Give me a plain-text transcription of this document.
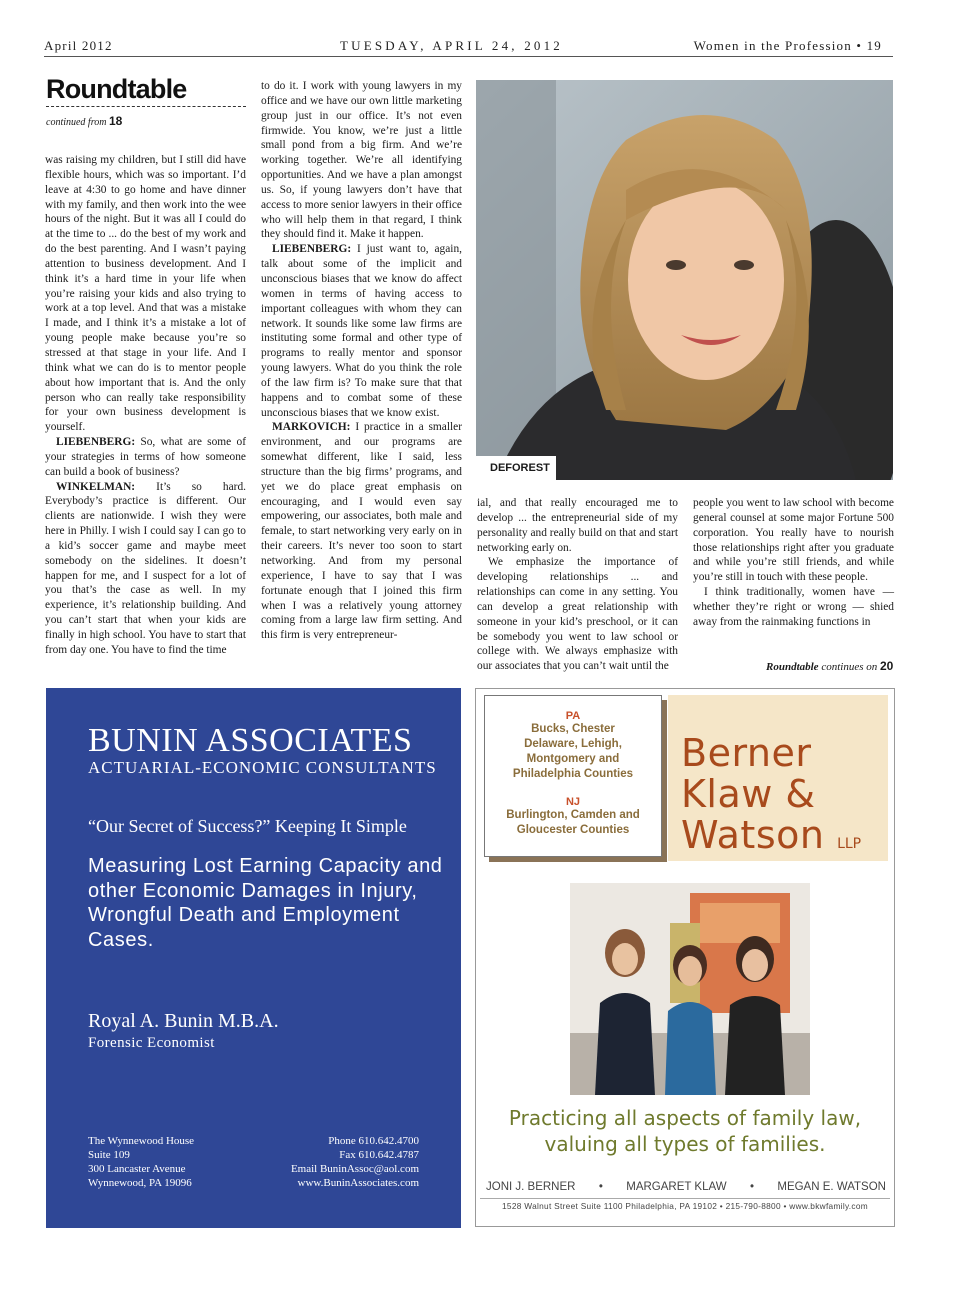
April 2012	TUESDAY, APRIL 24, 2012	Women in the Profession • 19
Roundtable
continued from 18

was raising my children, but I still did have flexible hours, which was so important. I’d leave at 4:30 to go home and have dinner with my family, and then work into the wee hours of the night. But it was all I could do at the time to ... do the best of my work and do the best parenting. And I wasn’t paying attention to business development. And I think it’s a hard time in your life when you’re raising your kids and also trying to work at a top level. And that was a mistake I made, and I think it’s a mistake a lot of young people make because you’re so stressed at that stage in your life. And I think what we can do is to mentor people about how important that is. And the only person who can really take responsibility for your own business development is yourself.

LIEBENBERG: So, what are some of your strategies in terms of how someone can build a book of business?

WINKELMAN: It’s so hard. Everybody’s practice is different. Our clients are nationwide. I wish they were here in Philly. I wish I could say I can go to a kid’s soccer game and maybe meet somebody on the sidelines. It doesn’t happen for me, and I suspect for a lot of you that’s the case as well. In my experience, it’s relationship building. And you can’t start that when your kids are finally in high school. You have to start that from day one. You have to find the time

to do it. I work with young lawyers in my office and we have our own little marketing group just in our office. It’s not even firmwide. You know, we’re just a little small pond from a big firm. And we’re working together. We’re all identifying opportunities. And we have a plan amongst us. So, if young lawyers don’t have that access to more senior lawyers in their office who will help them in that regard, I think they should find it. Make it happen.

LIEBENBERG: I just want to, again, talk about some of the implicit and unconscious biases that we know do affect women in terms of having access to important colleagues with whom they can network. It sounds like some law firms are instituting some formal and other type of programs to really mentor and sponsor young lawyers. What do you think the role of the law firm is? To make sure that that happens and to combat some of these unconscious biases that we know exist.

MARKOVICH: I practice in a smaller environment, and our programs are somewhat different, like I said, less structure than the big firms’ programs, and yet we do place great emphasis on encouraging, and I would even say empowering, our associates, both male and female, to start networking very early on in their careers. It’s never too soon to start networking. And from my personal experience, I have to say that I was fortunate enough that I joined this firm when I was a relatively young attorney coming from a large law firm setting. And this firm is very entrepreneur-

DEFOREST

ial, and that really encouraged me to develop ... the entrepreneurial side of my personality and really build on that and start networking early on.

We emphasize the importance of developing relationships ... and relationships can come in any setting. You can develop a great relationship with someone in your kid’s preschool, or it can be somebody you went to law school or college with. We always emphasize with our associates that you can’t wait until the

people you went to law school with become general counsel at some major Fortune 500 corporation. You really have to nourish those relationships right after you graduate and while you’re still friends, and while you’re still in touch with these people.

I think traditionally, women have — whether they’re right or wrong — shied away from the rainmaking functions in

Roundtable continues on 20
BUNIN ASSOCIATES
ACTUARIAL-ECONOMIC CONSULTANTS
“Our Secret of Success?” Keeping It Simple
Measuring Lost Earning Capacity and other Economic Damages in Injury, Wrongful Death and Employment Cases.
Royal A. Bunin M.B.A.
Forensic Economist
The Wynnewood House
Suite 109
300 Lancaster Avenue
Wynnewood, PA 19096
Phone 610.642.4700
Fax 610.642.4787
Email BuninAssoc@aol.com
www.BuninAssociates.com
PA
Bucks, Chester
Delaware, Lehigh,
Montgomery and
Philadelphia Counties
NJ
Burlington, Camden and
Gloucester Counties
Berner
Klaw &
Watson LLP
Practicing all aspects of family law, valuing all types of families.
JONI J. BERNER • MARGARET KLAW • MEGAN E. WATSON
1528 Walnut Street Suite 1100 Philadelphia, PA 19102 • 215-790-8800 • www.bkwfamily.com
